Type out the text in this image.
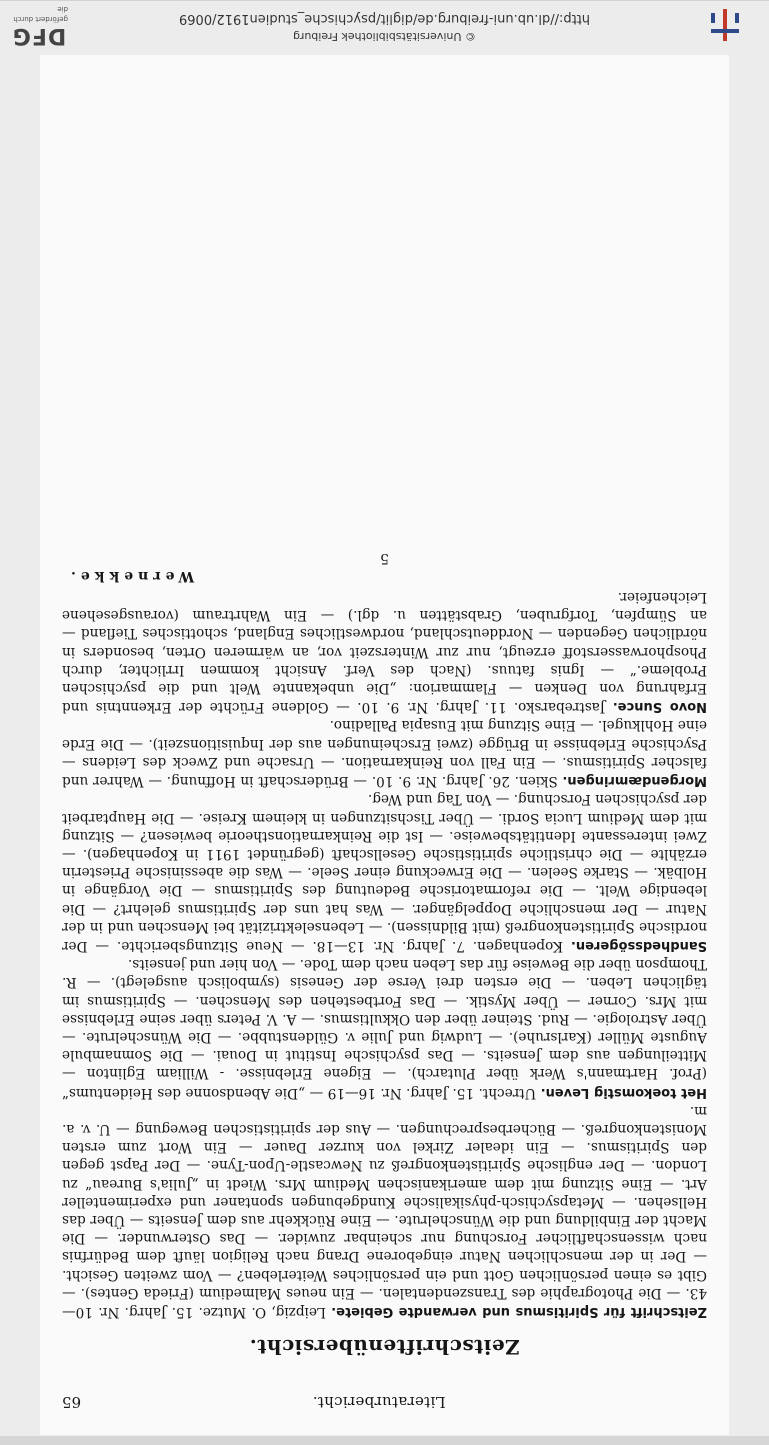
© Universitätsbibliothek Freiburg
http://dl.ub.uni-freiburg.de/diglit/psychische_studien1912/0069
DFG
gefördert durch die
Literaturbericht.
65
Zeitschriftenübersicht.

Zeitschrift für Spiritismus und verwandte Gebiete. Leipzig, O. Mutze. 15. Jahrg. Nr. 10—43. — Die Photographie des Transzendentalen. — Ein neues Malmedium (Frieda Gentes). — Gibt es einen persönlichen Gott und ein persönliches Weiterleben? — Vom zweiten Gesicht. — Der in der menschlichen Natur eingeborene Drang nach Religion läuft dem Bedürfnis nach wissenschaftlicher Forschung nur scheinbar zuwider. — Das Osterwunder. — Die Macht der Einbildung und die Wünschelrute. — Eine Rückkehr aus dem Jenseits — Über das Hellsehen. — Metapsychisch-physikalische Kundgebungen spontaner und experimenteller Art. — Eine Sitzung mit dem amerikanischen Medium Mrs. Wiedt in „Julia's Bureau“ zu London. — Der englische Spiritistenkongreß zu Newcastle-Upon-Tyne. — Der Papst gegen den Spiritismus. — Ein idealer Zirkel von kurzer Dauer — Ein Wort zum ersten Monistenkongreß. — Bücherbesprechungen. — Aus der spiritistischen Bewegung — U. v. a. m.

Het toekomstig Leven. Utrecht. 15. Jahrg. Nr. 16—19 — „Die Abendsonne des Heidentums“ (Prof. Hartmann's Werk über Plutarch). — Eigene Erlebnisse. - William Eglinton — Mitteilungen aus dem Jenseits. — Das psychische Institut in Douai. — Die Somnambule Auguste Müller (Karlsruhe). — Ludwig und Julie v. Güldenstubbe. — Die Wünschelrute. — Über Astrologie. — Rud. Steiner über den Okkultismus. — A. V. Peters über seine Erlebnisse mit Mrs. Corner — Über Mystik. — Das Fortbestehen des Menschen. — Spiritismus im täglichen Leben. — Die ersten drei Verse der Genesis (symbolisch ausgelegt). — R. Thompson über die Beweise für das Leben nach dem Tode. — Von hier und jenseits.

Sandhedssögeren. Kopenhagen. 7. Jahrg. Nr. 13—18. — Neue Sitzungsberichte. — Der nordische Spiritistenkongreß (mit Bildnissen). — Lebenselektrizität bei Menschen und in der Natur — Der menschliche Doppelgänger. — Was hat uns der Spiritismus gelehrt? — Die lebendige Welt. — Die reformatorische Bedeutung des Spiritismus — Die Vorgänge in Holbäk. — Starke Seelen. — Die Erweckung einer Seele. — Was die abessinische Priesterin erzählte — Die christliche spiritistische Gesellschaft (gegründet 1911 in Kopenhagen). — Zwei interessante Identitätsbeweise. — Ist die Reinkarnationstheorie bewiesen? — Sitzung mit dem Medium Lucia Sordi. — Über Tischsitzungen in kleinem Kreise. — Die Hauptarbeit der psychischen Forschung. — Von Tag und Weg.

Morgendæmringen. Skien. 26. Jahrg. Nr. 9. 10. — Brüderschaft in Hoffnung. — Wahrer und falscher Spiritismus. — Ein Fall von Reinkarnation. — Ursache und Zweck des Leidens — Psychische Erlebnisse in Brügge (zwei Erscheinungen aus der Inquisitionszeit). — Die Erde eine Hohlkugel. — Eine Sitzung mit Eusapia Palladino.

Novo Sunce. Jastrebarsko. 11. Jahrg. Nr. 9. 10. — Goldene Früchte der Erkenntnis und Erfahrung von Denken — Flammarion: „Die unbekannte Welt und die psychischen Probleme.“ — Ignis fatuus. (Nach des Verf. Ansicht kommen Irrlichter, durch Phosphorwasserstoff erzeugt, nur zur Winterszeit vor, an wärmeren Orten, besonders in nördlichen Gegenden — Norddeutschland, nordwestliches England, schottisches Tiefland — an Sümpfen, Torfgruben, Grabstätten u. dgl.) — Ein Wahrtraum (vorausgesehene Leichenfeier.

Wernekke.
5
